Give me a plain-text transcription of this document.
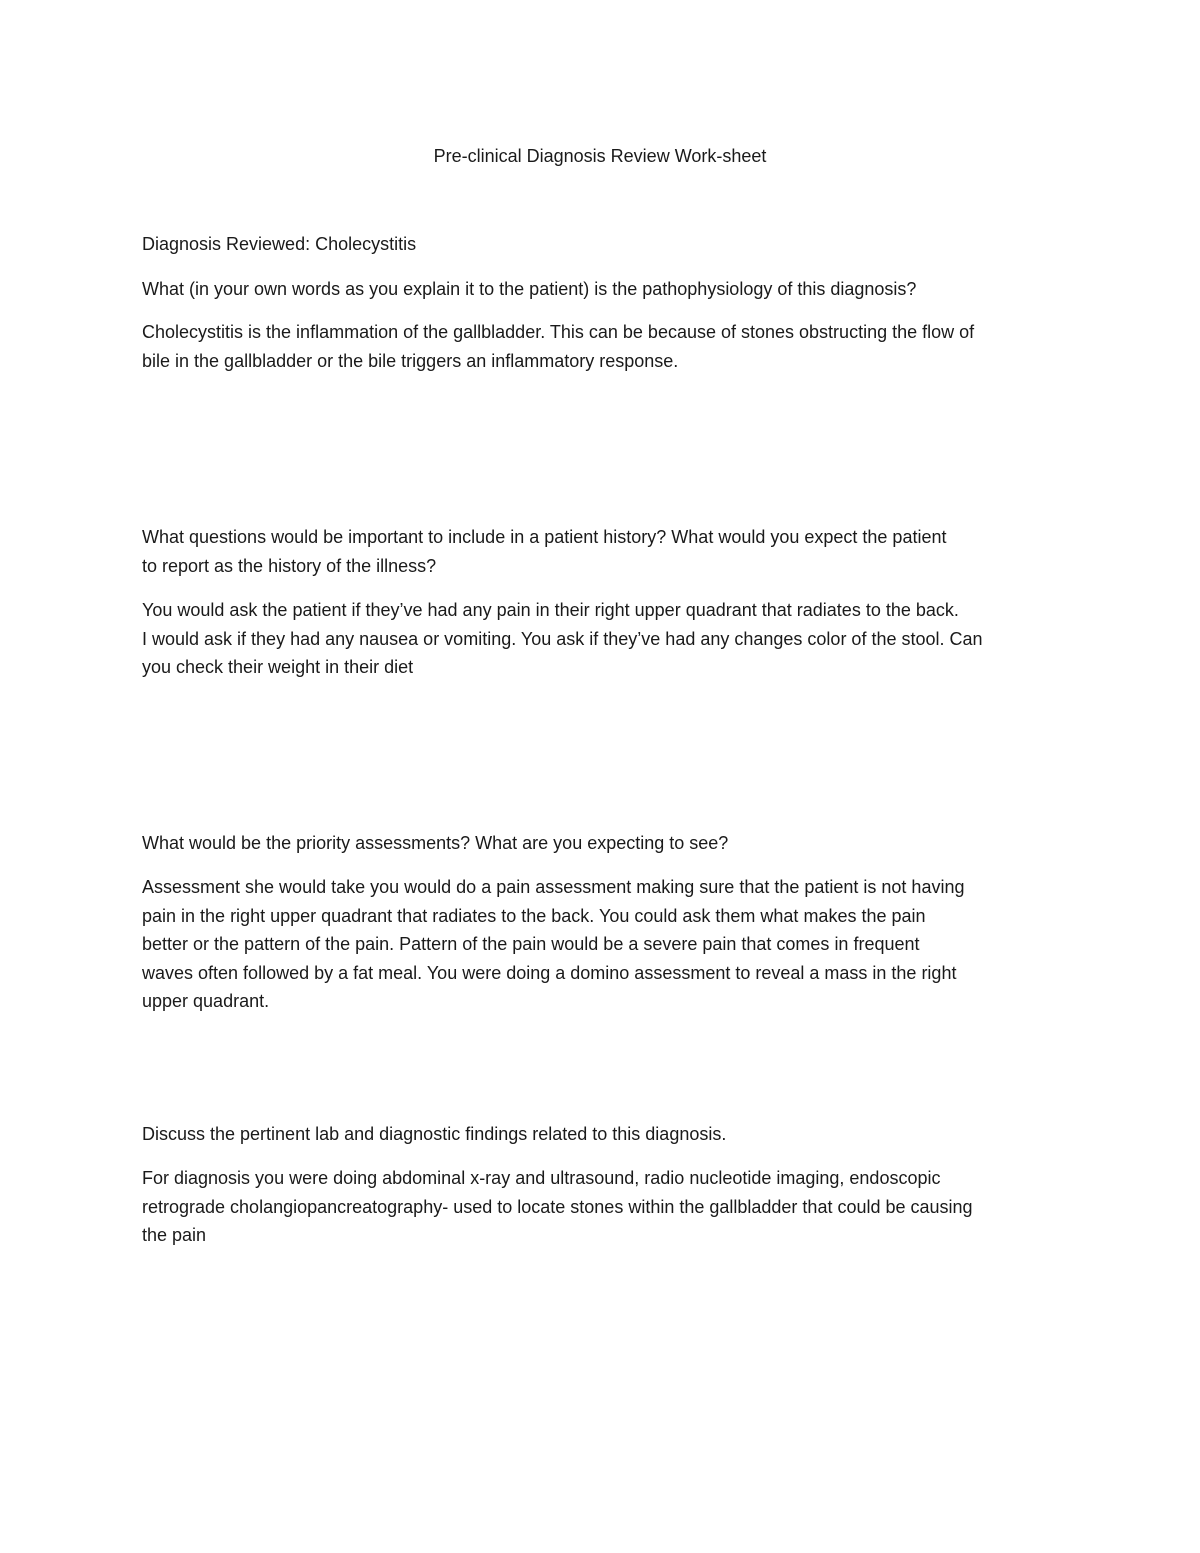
Pre-clinical Diagnosis Review Work-sheet

Diagnosis Reviewed: Cholecystitis

What (in your own words as you explain it to the patient) is the pathophysiology of this diagnosis?

Cholecystitis is the inflammation of the gallbladder. This can be because of stones obstructing the flow of
bile in the gallbladder or the bile triggers an inflammatory response.

What questions would be important to include in a patient history? What would you expect the patient
to report as the history of the illness?

You would ask the patient if they’ve had any pain in their right upper quadrant that radiates to the back.
I would ask if they had any nausea or vomiting. You ask if they’ve had any changes color of the stool. Can
you check their weight in their diet

What would be the priority assessments? What are you expecting to see?

Assessment she would take you would do a pain assessment making sure that the patient is not having
pain in the right upper quadrant that radiates to the back. You could ask them what makes the pain
better or the pattern of the pain. Pattern of the pain would be a severe pain that comes in frequent
waves often followed by a fat meal. You were doing a domino assessment to reveal a mass in the right
upper quadrant.

Discuss the pertinent lab and diagnostic findings related to this diagnosis.

For diagnosis you were doing abdominal x-ray and ultrasound, radio nucleotide imaging, endoscopic
retrograde cholangiopancreatography- used to locate stones within the gallbladder that could be causing
the pain
